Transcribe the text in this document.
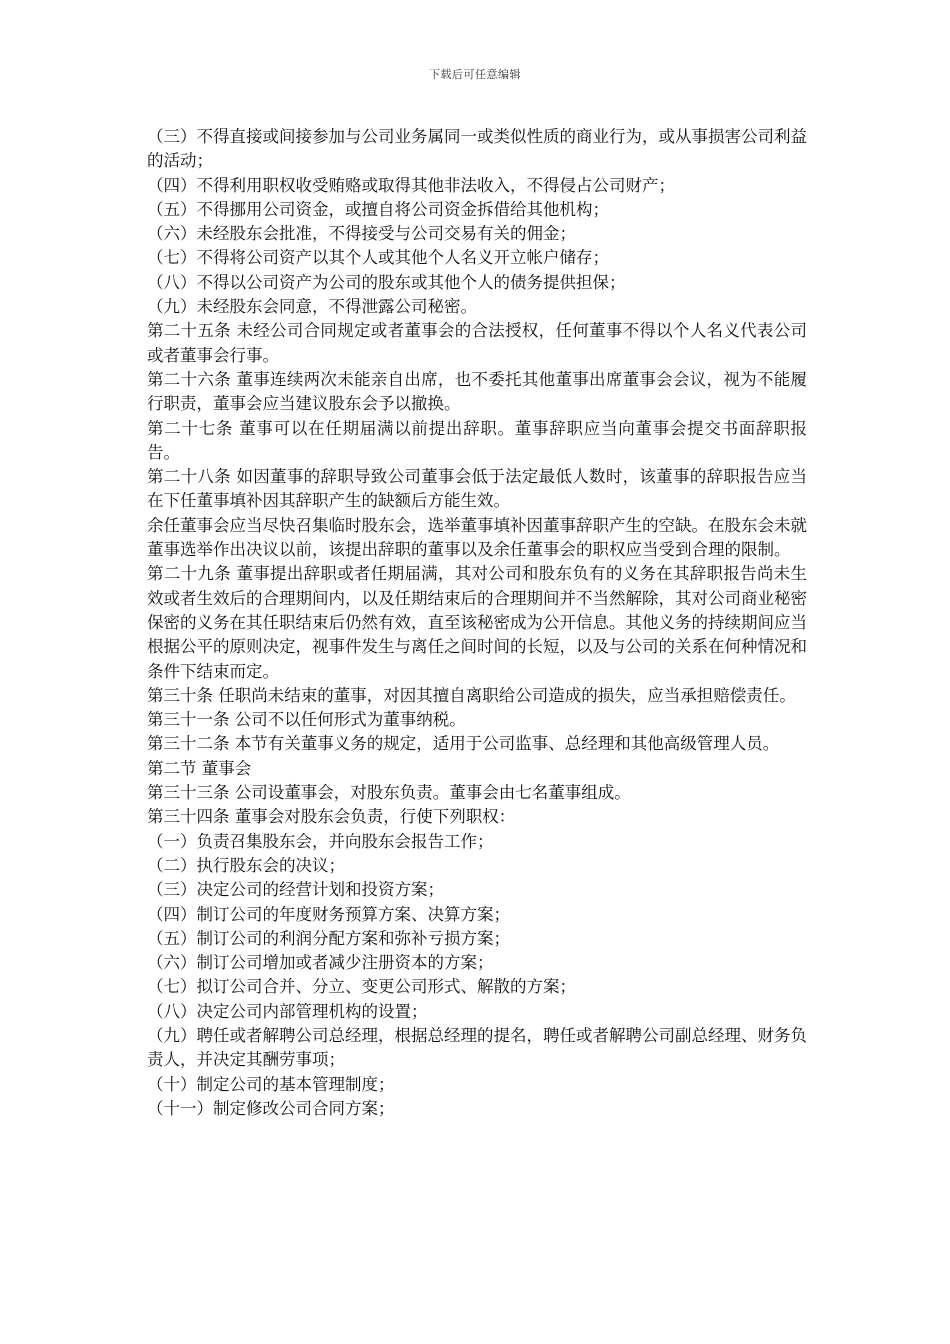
下载后可任意编辑

（三）不得直接或间接参加与公司业务属同一或类似性质的商业行为，或从事损害公司利益的活动；

（四）不得利用职权收受贿赂或取得其他非法收入，不得侵占公司财产；

（五）不得挪用公司资金，或擅自将公司资金拆借给其他机构；

（六）未经股东会批准，不得接受与公司交易有关的佣金；

（七）不得将公司资产以其个人或其他个人名义开立帐户储存；

（八）不得以公司资产为公司的股东或其他个人的债务提供担保；

（九）未经股东会同意，不得泄露公司秘密。

第二十五条 未经公司合同规定或者董事会的合法授权，任何董事不得以个人名义代表公司或者董事会行事。

第二十六条 董事连续两次未能亲自出席，也不委托其他董事出席董事会会议，视为不能履行职责，董事会应当建议股东会予以撤换。

第二十七条 董事可以在任期届满以前提出辞职。董事辞职应当向董事会提交书面辞职报告。

第二十八条 如因董事的辞职导致公司董事会低于法定最低人数时，该董事的辞职报告应当在下任董事填补因其辞职产生的缺额后方能生效。

余任董事会应当尽快召集临时股东会，选举董事填补因董事辞职产生的空缺。在股东会未就董事选举作出决议以前，该提出辞职的董事以及余任董事会的职权应当受到合理的限制。

第二十九条 董事提出辞职或者任期届满，其对公司和股东负有的义务在其辞职报告尚未生效或者生效后的合理期间内，以及任期结束后的合理期间并不当然解除，其对公司商业秘密保密的义务在其任职结束后仍然有效，直至该秘密成为公开信息。其他义务的持续期间应当根据公平的原则决定，视事件发生与离任之间时间的长短，以及与公司的关系在何种情况和条件下结束而定。

第三十条 任职尚未结束的董事，对因其擅自离职给公司造成的损失，应当承担赔偿责任。

第三十一条 公司不以任何形式为董事纳税。

第三十二条 本节有关董事义务的规定，适用于公司监事、总经理和其他高级管理人员。

第二节 董事会

第三十三条 公司设董事会，对股东负责。董事会由七名董事组成。

第三十四条 董事会对股东会负责，行使下列职权：

（一）负责召集股东会，并向股东会报告工作；

（二）执行股东会的决议；

（三）决定公司的经营计划和投资方案；

（四）制订公司的年度财务预算方案、决算方案；

（五）制订公司的利润分配方案和弥补亏损方案；

（六）制订公司增加或者减少注册资本的方案；

（七）拟订公司合并、分立、变更公司形式、解散的方案；

（八）决定公司内部管理机构的设置；

（九）聘任或者解聘公司总经理，根据总经理的提名，聘任或者解聘公司副总经理、财务负责人，并决定其酬劳事项；

（十）制定公司的基本管理制度；

（十一）制定修改公司合同方案；
